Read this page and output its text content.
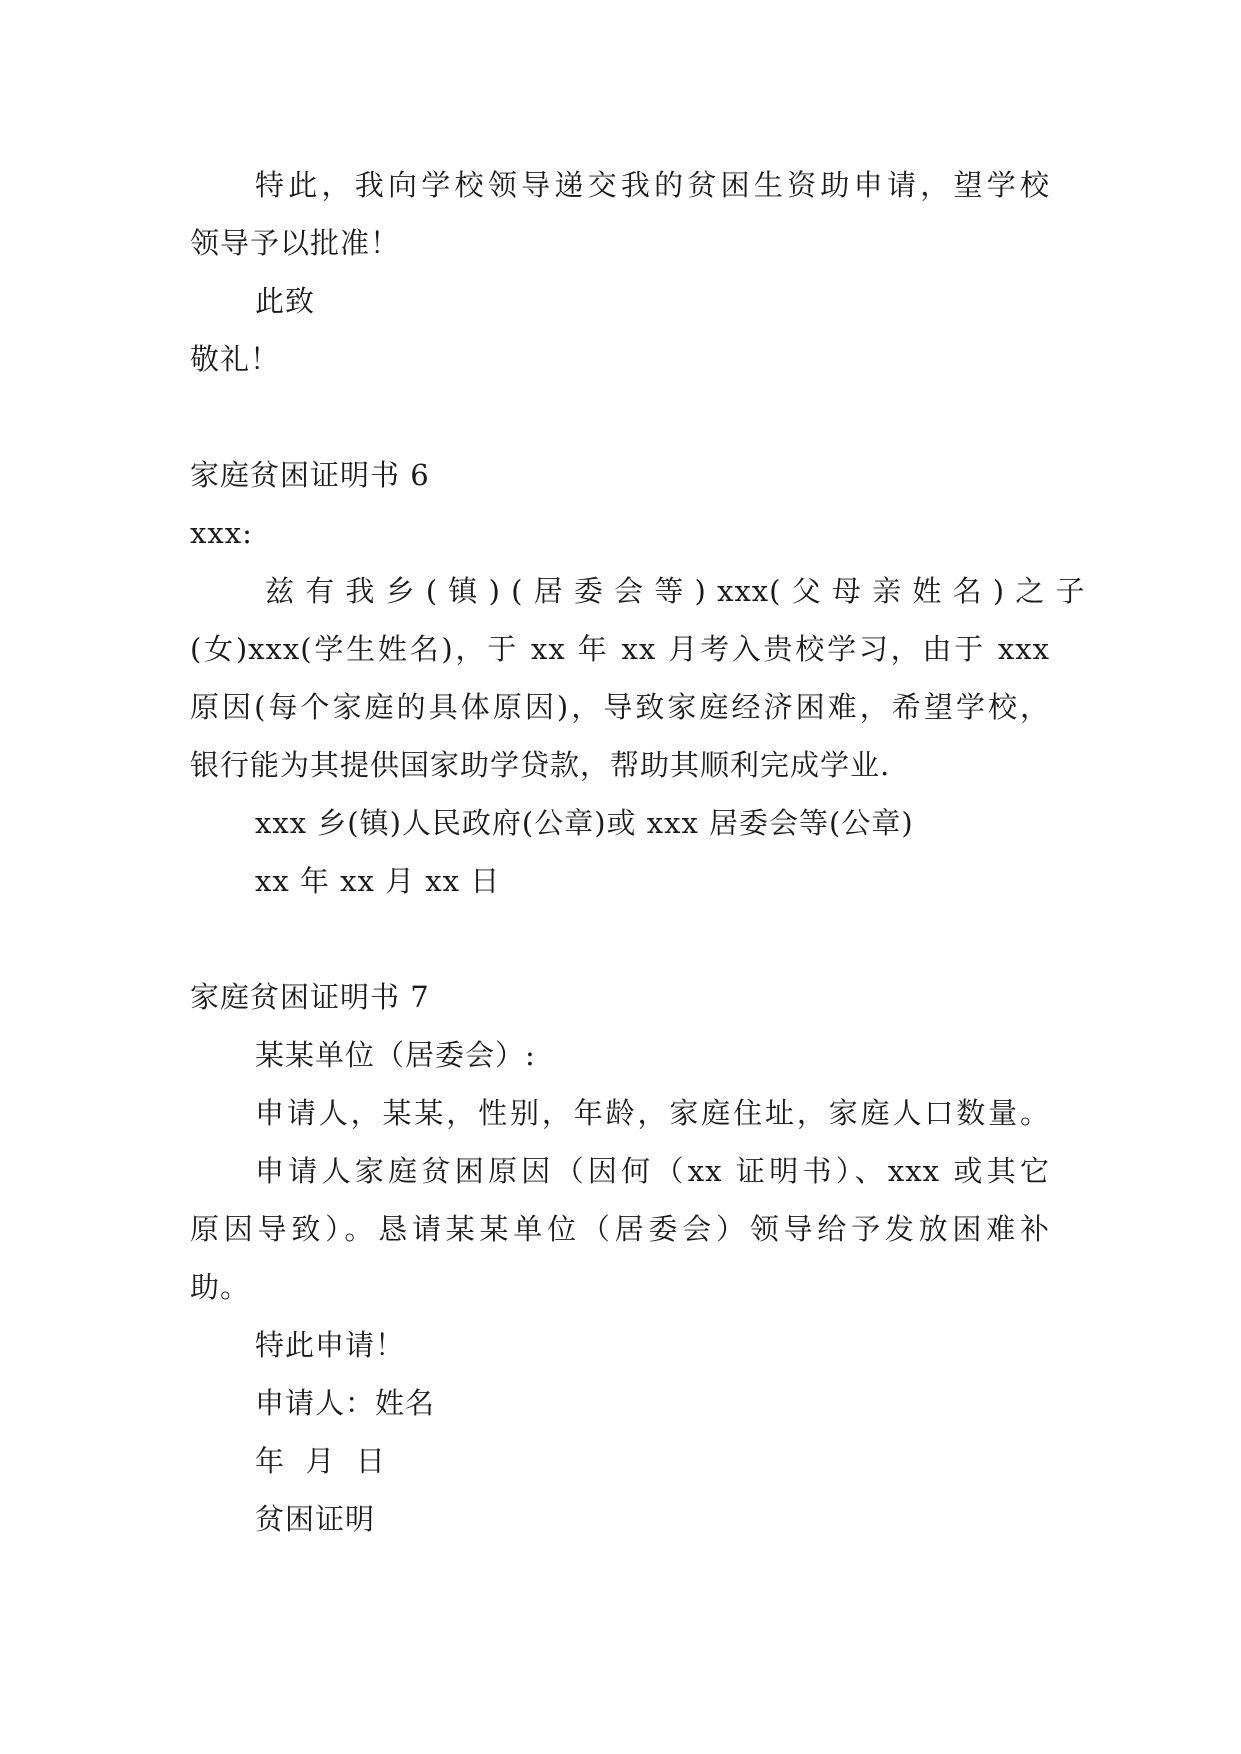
特此，我向学校领导递交我的贫困生资助申请，望学校
领导予以批准！
此致
敬礼！
家庭贫困证明书 6
xxx:
兹 有 我 乡 ( 镇 ) ( 居 委 会 等 ) xxx( 父 母 亲 姓 名 ) 之 子
(女)xxx(学生姓名)，于 xx 年 xx 月考入贵校学习，由于 xxx
原因(每个家庭的具体原因)，导致家庭经济困难，希望学校，
银行能为其提供国家助学贷款，帮助其顺利完成学业.
xxx 乡(镇)人民政府(公章)或 xxx 居委会等(公章)
xx 年 xx 月 xx 日
家庭贫困证明书 7
某某单位（居委会）:
申请人，某某，性别，年龄，家庭住址，家庭人口数量。
申请人家庭贫困原因（因何（xx 证明书）、xxx 或其它
原因导致）。恳请某某单位（居委会）领导给予发放困难补
助。
特此申请！
申请人：姓名
年  月  日
贫困证明
